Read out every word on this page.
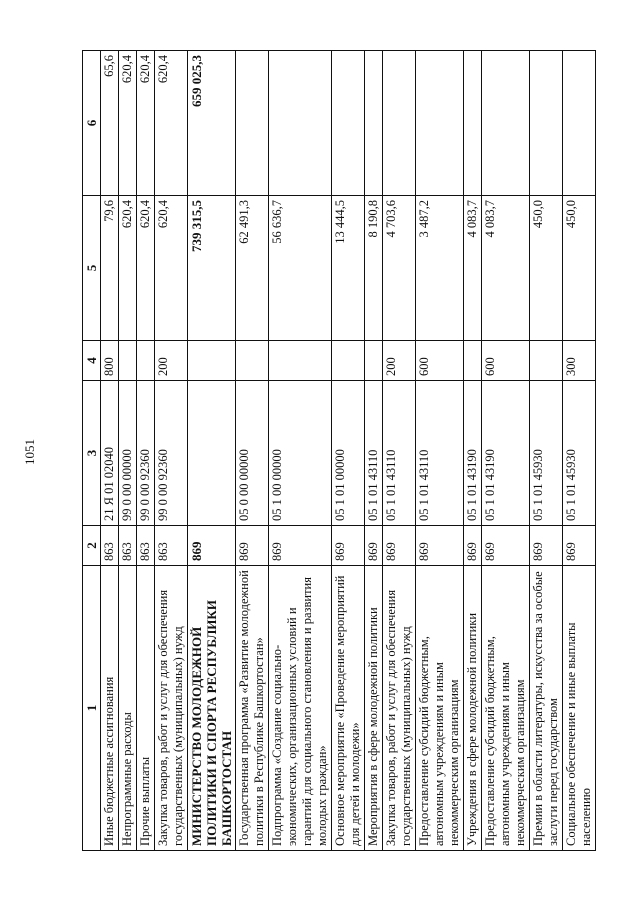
1051
1	2	3	4	5	6
Иные бюджетные ассигнования	863	21 Я 01 02040	800	79,6	65,6
Непрограммные расходы	863	99 0 00 00000		620,4	620,4
Прочие выплаты	863	99 0 00 92360		620,4	620,4
Закупка товаров, работ и услуг для обеспечения государственных (муниципальных) нужд	863	99 0 00 92360	200	620,4	620,4
МИНИСТЕРСТВО МОЛОДЕЖНОЙ ПОЛИТИКИ И СПОРТА РЕСПУБЛИКИ БАШКОРТОСТАН	869			739 315,5	659 025,3
Государственная программа «Развитие молодежной политики в Республике Башкортостан»	869	05 0 00 00000		62 491,3	
Подпрограмма «Создание социально-экономических, организационных условий и гарантий для социального становления и развития молодых граждан»	869	05 1 00 00000		56 636,7	
Основное мероприятие «Проведение мероприятий для детей и молодежи»	869	05 1 01 00000		13 444,5	
Мероприятия в сфере молодежной политики	869	05 1 01 43110		8 190,8	
Закупка товаров, работ и услуг для обеспечения государственных (муниципальных) нужд	869	05 1 01 43110	200	4 703,6	
Предоставление субсидий бюджетным, автономным учреждениям и иным некоммерческим организациям	869	05 1 01 43110	600	3 487,2	
Учреждения в сфере молодежной политики	869	05 1 01 43190		4 083,7	
Предоставление субсидий бюджетным, автономным учреждениям и иным некоммерческим организациям	869	05 1 01 43190	600	4 083,7	
Премии в области литературы, искусства за особые заслуги перед государством	869	05 1 01 45930		450,0	
Социальное обеспечение и иные выплаты населению	869	05 1 01 45930	300	450,0	
